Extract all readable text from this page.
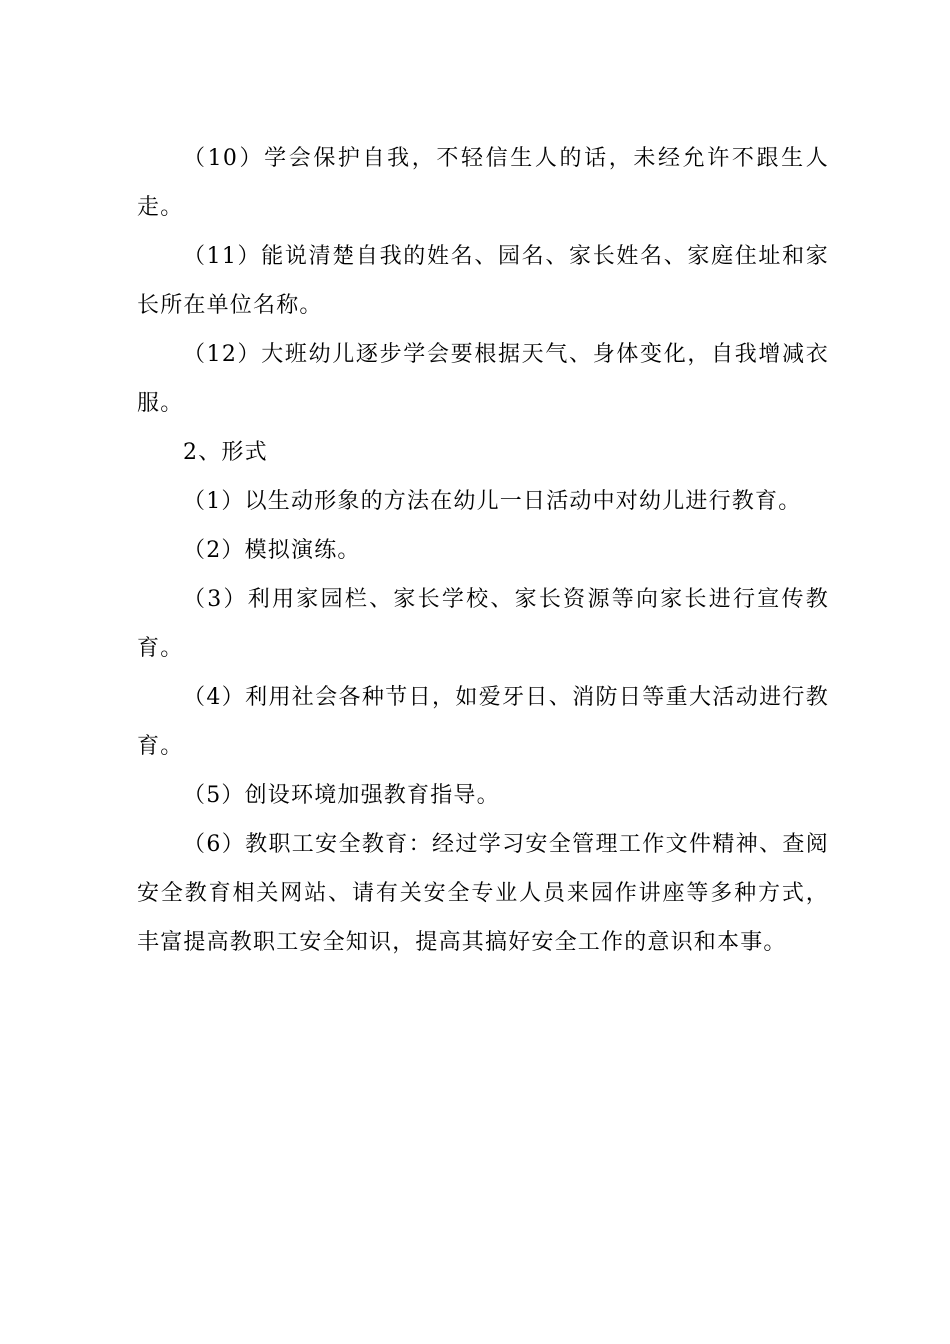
（10）学会保护自我，不轻信生人的话，未经允许不跟生人走。

（11）能说清楚自我的姓名、园名、家长姓名、家庭住址和家长所在单位名称。

（12）大班幼儿逐步学会要根据天气、身体变化，自我增减衣服。

2、形式

（1）以生动形象的方法在幼儿一日活动中对幼儿进行教育。

（2）模拟演练。

（3）利用家园栏、家长学校、家长资源等向家长进行宣传教育。

（4）利用社会各种节日，如爱牙日、消防日等重大活动进行教育。

（5）创设环境加强教育指导。

（6）教职工安全教育：经过学习安全管理工作文件精神、查阅安全教育相关网站、请有关安全专业人员来园作讲座等多种方式，丰富提高教职工安全知识，提高其搞好安全工作的意识和本事。
